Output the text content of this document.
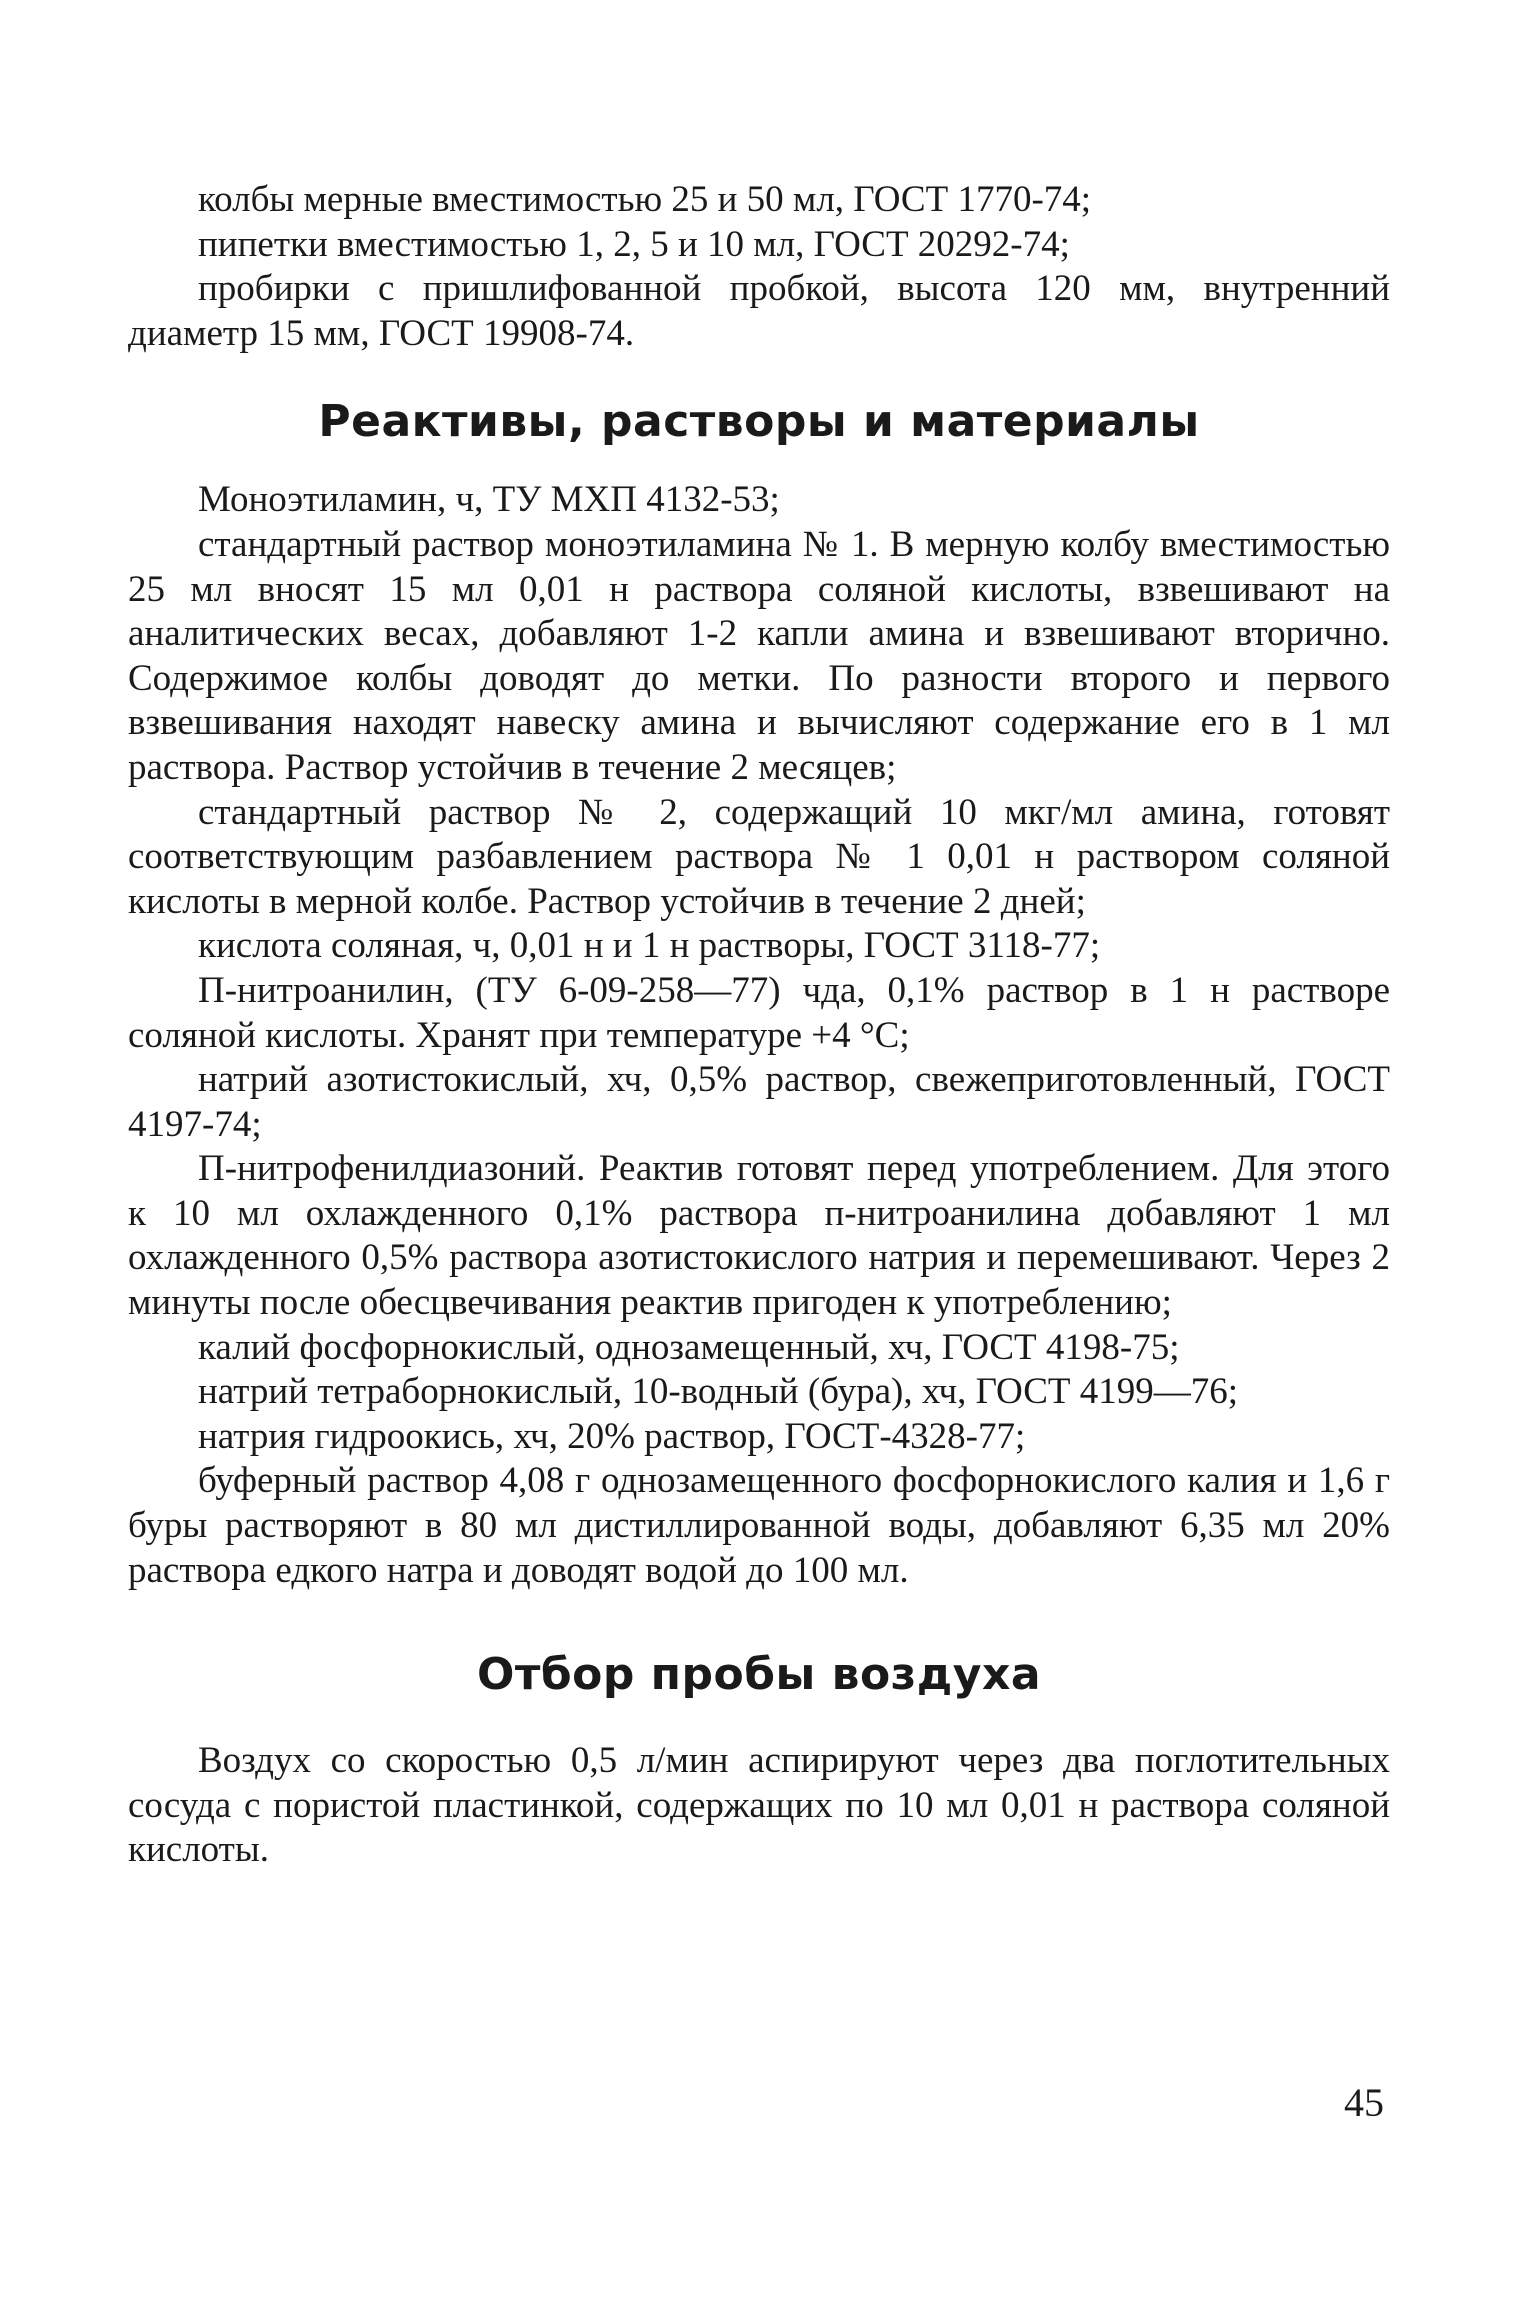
колбы мерные вместимостью 25 и 50 мл, ГОСТ 1770-74;

пипетки вместимостью 1, 2, 5 и 10 мл, ГОСТ 20292-74;

пробирки с пришлифованной пробкой, высота 120 мм, внутренний диаметр 15 мм, ГОСТ 19908-74.

Реактивы, растворы и материалы

Моноэтиламин, ч, ТУ МХП 4132-53;

стандартный раствор моноэтиламина № 1. В мерную колбу вместимостью 25 мл вносят 15 мл 0,01 н раствора соляной кислоты, взвешивают на аналитических весах, добавляют 1-2 капли амина и взвешивают вторично. Содержимое колбы доводят до метки. По разности второго и первого взвешивания находят навеску амина и вычисляют содержание его в 1 мл раствора. Раствор устойчив в течение 2 месяцев;

стандартный раствор № 2, содержащий 10 мкг/мл амина, готовят соответствующим разбавлением раствора № 1 0,01 н раствором соляной кислоты в мерной колбе. Раствор устойчив в течение 2 дней;

кислота соляная, ч, 0,01 н и 1 н растворы, ГОСТ 3118-77;

П-нитроанилин, (ТУ 6-09-258—77) чда, 0,1% раствор в 1 н растворе соляной кислоты. Хранят при температуре +4 °С;

натрий азотистокислый, хч, 0,5% раствор, свежеприготовленный, ГОСТ 4197-74;

П-нитрофенилдиазоний. Реактив готовят перед употреблением. Для этого к 10 мл охлажденного 0,1% раствора п-нитроанилина добавляют 1 мл охлажденного 0,5% раствора азотистокислого натрия и перемешивают. Через 2 минуты после обесцвечивания реактив пригоден к употреблению;

калий фосфорнокислый, однозамещенный, хч, ГОСТ 4198-75;

натрий тетраборнокислый, 10-водный (бура), хч, ГОСТ 4199—76;

натрия гидроокись, хч, 20% раствор, ГОСТ-4328-77;

буферный раствор 4,08 г однозамещенного фосфорнокислого калия и 1,6 г буры растворяют в 80 мл дистиллированной воды, добавляют 6,35 мл 20% раствора едкого натра и доводят водой до 100 мл.

Отбор пробы воздуха

Воздух со скоростью 0,5 л/мин аспирируют через два поглотительных сосуда с пористой пластинкой, содержащих по 10 мл 0,01 н раствора соляной кислоты.

45
